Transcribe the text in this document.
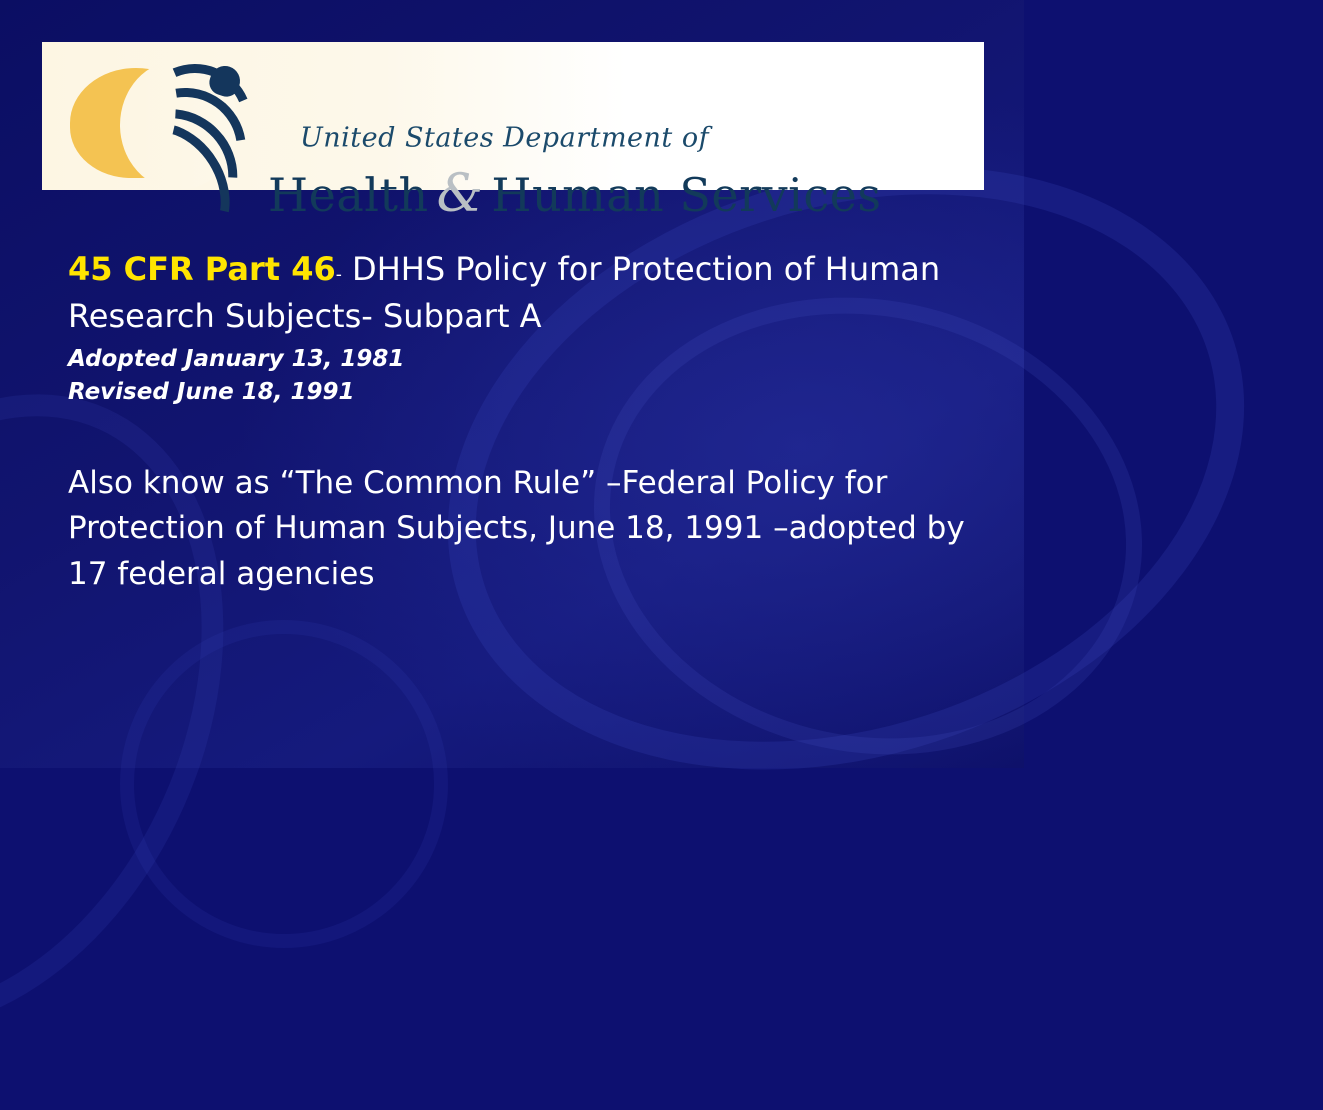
United States Department of
Health & Human Services

45 CFR Part 46- DHHS Policy for Protection of Human Research Subjects- Subpart A

Adopted January 13, 1981
Revised June 18, 1991

Also know as “The Common Rule” –Federal Policy for Protection of Human Subjects, June 18, 1991 –adopted by 17 federal agencies
